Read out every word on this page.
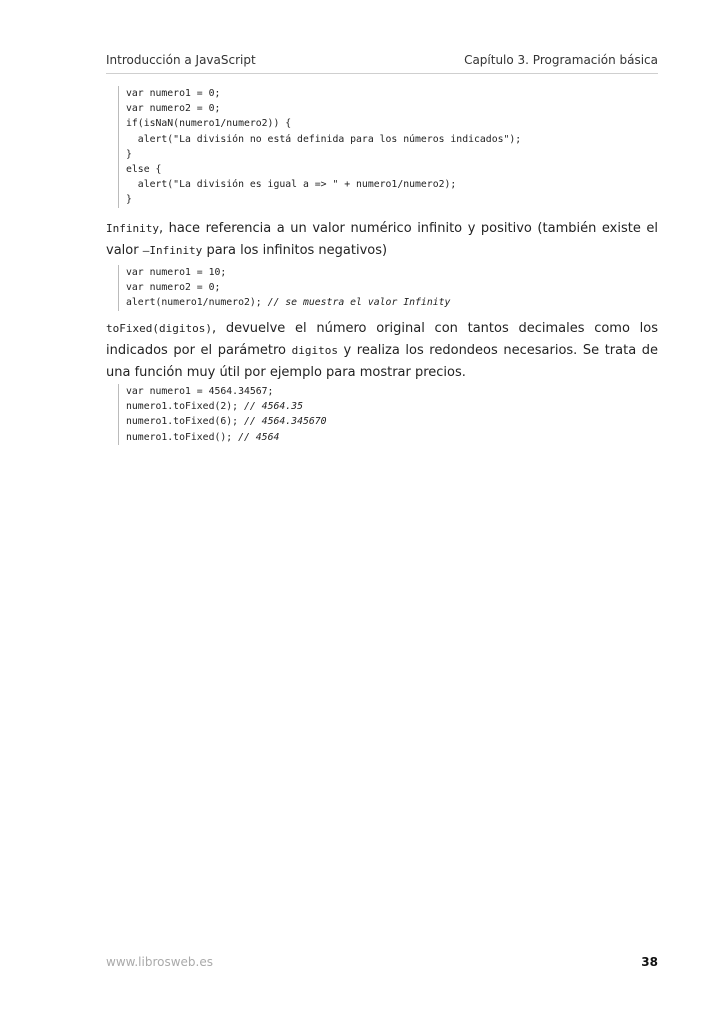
Introducción a JavaScript	Capítulo 3. Programación básica
var numero1 = 0;
var numero2 = 0;
if(isNaN(numero1/numero2)) {
alert("La división no está definida para los números indicados");
}
else {
alert("La división es igual a => " + numero1/numero2);
}
Infinity, hace referencia a un valor numérico infinito y positivo (también existe el valor –Infinity para los infinitos negativos)
var numero1 = 10;
var numero2 = 0;
alert(numero1/numero2); // se muestra el valor Infinity
toFixed(digitos), devuelve el número original con tantos decimales como los indicados por el parámetro digitos y realiza los redondeos necesarios. Se trata de una función muy útil por ejemplo para mostrar precios.
var numero1 = 4564.34567;
numero1.toFixed(2); // 4564.35
numero1.toFixed(6); // 4564.345670
numero1.toFixed(); // 4564
www.librosweb.es	38
